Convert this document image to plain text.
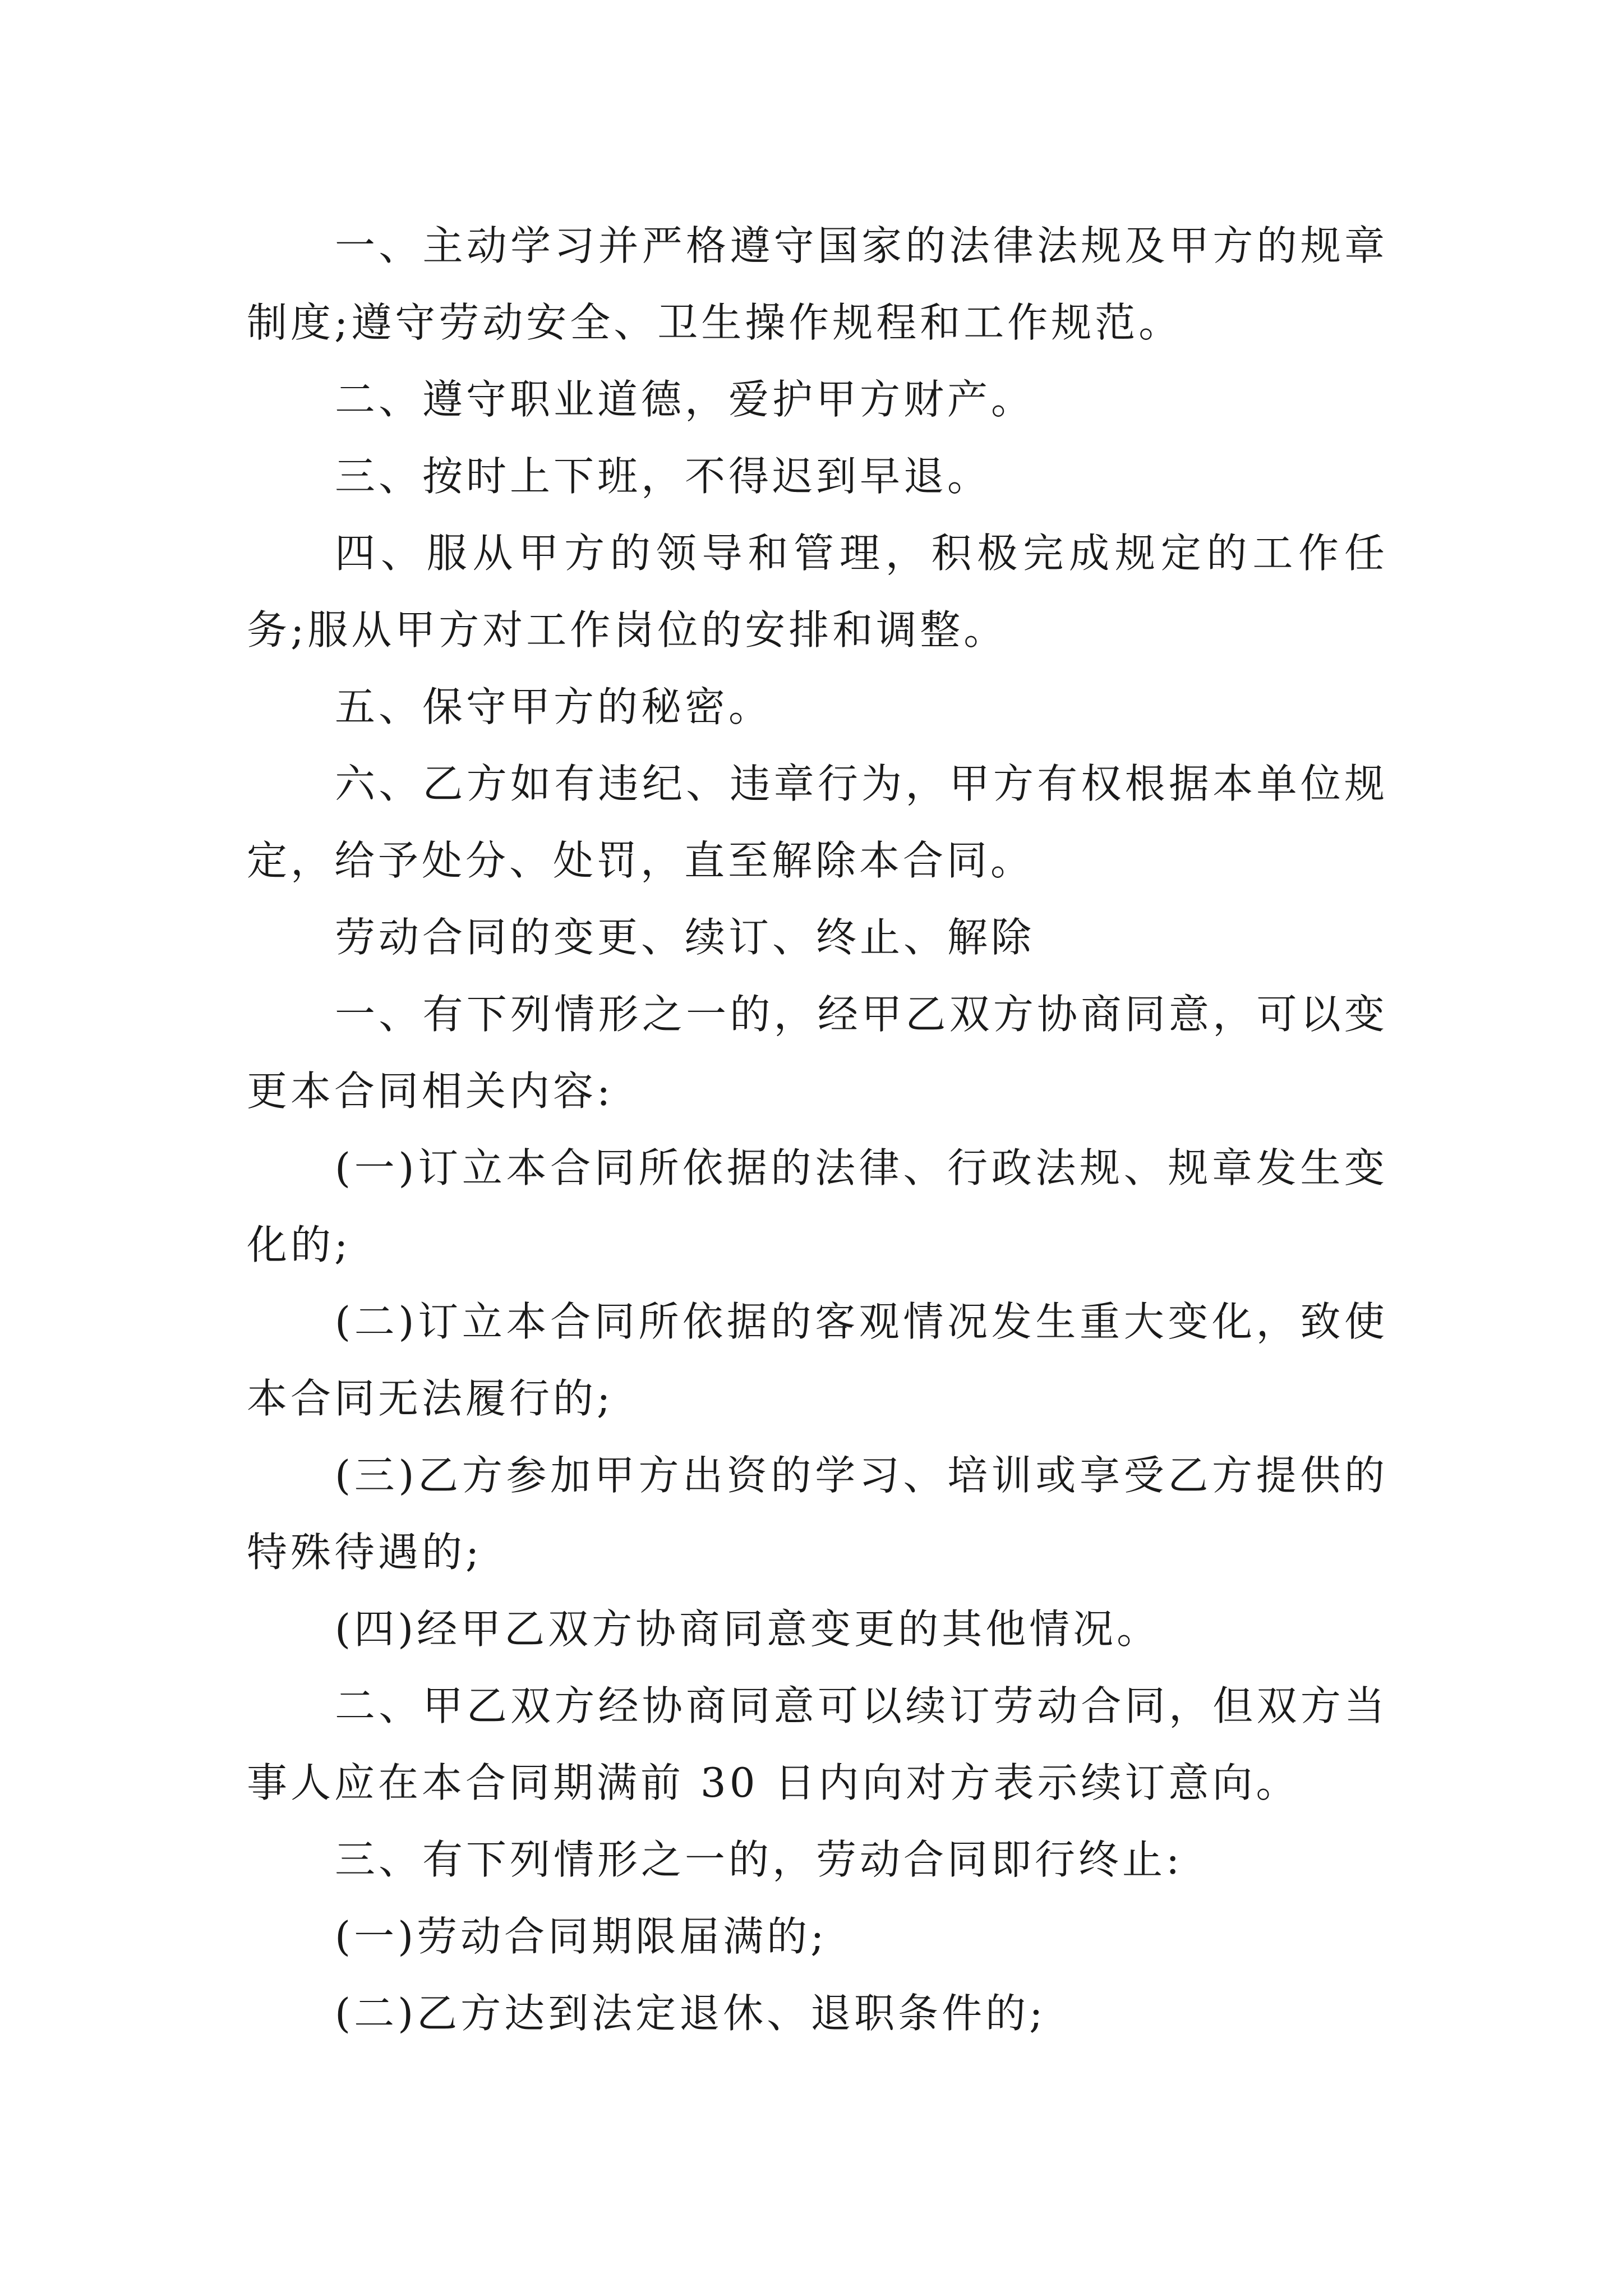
一、主动学习并严格遵守国家的法律法规及甲方的规章制度;遵守劳动安全、卫生操作规程和工作规范。

二、遵守职业道德，爱护甲方财产。

三、按时上下班，不得迟到早退。

四、服从甲方的领导和管理，积极完成规定的工作任务;服从甲方对工作岗位的安排和调整。

五、保守甲方的秘密。

六、乙方如有违纪、违章行为，甲方有权根据本单位规定，给予处分、处罚，直至解除本合同。

劳动合同的变更、续订、终止、解除

一、有下列情形之一的，经甲乙双方协商同意，可以变更本合同相关内容:

(一)订立本合同所依据的法律、行政法规、规章发生变化的;

(二)订立本合同所依据的客观情况发生重大变化，致使本合同无法履行的;

(三)乙方参加甲方出资的学习、培训或享受乙方提供的特殊待遇的;

(四)经甲乙双方协商同意变更的其他情况。

二、甲乙双方经协商同意可以续订劳动合同，但双方当事人应在本合同期满前 30 日内向对方表示续订意向。

三、有下列情形之一的，劳动合同即行终止:

(一)劳动合同期限届满的;

(二)乙方达到法定退休、退职条件的;
